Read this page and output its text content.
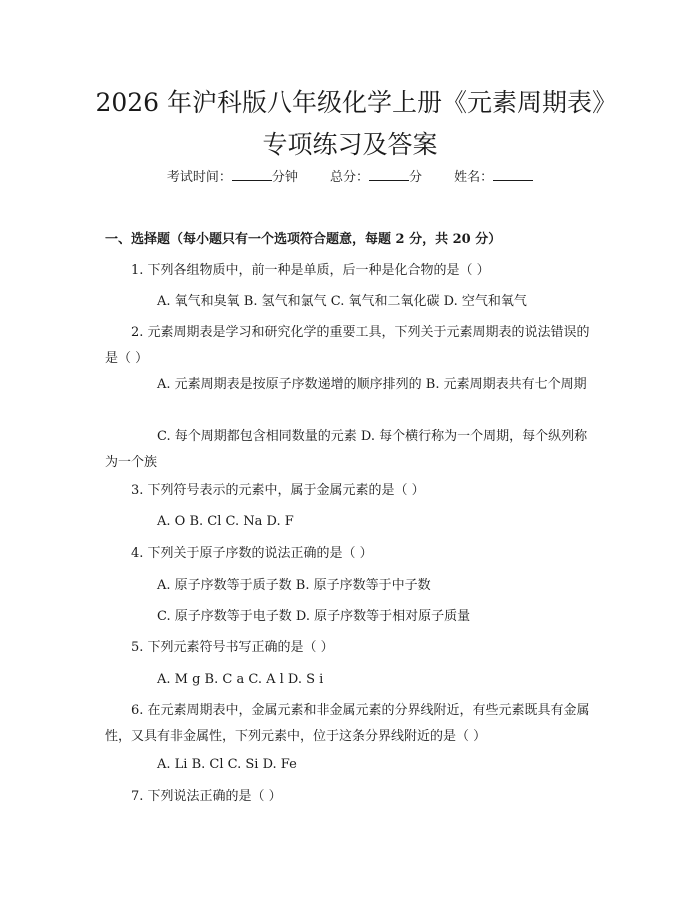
2026 年沪科版八年级化学上册《元素周期表》专项练习及答案
考试时间：	分钟 总分：	分 姓名：
一、选择题（每小题只有一个选项符合题意，每题 2 分，共 20 分）
1. 下列各组物质中，前一种是单质，后一种是化合物的是（ ）
A. 氧气和臭氧 B. 氢气和氯气 C. 氧气和二氧化碳 D. 空气和氧气
2. 元素周期表是学习和研究化学的重要工具，下列关于元素周期表的说法错误的是（ ）
A. 元素周期表是按原子序数递增的顺序排列的 B. 元素周期表共有七个周期
C. 每个周期都包含相同数量的元素 D. 每个横行称为一个周期，每个纵列称为一个族
3. 下列符号表示的元素中，属于金属元素的是（ ）
A. O B. Cl C. Na D. F
4. 下列关于原子序数的说法正确的是（ ）
A. 原子序数等于质子数 B. 原子序数等于中子数
C. 原子序数等于电子数 D. 原子序数等于相对原子质量
5. 下列元素符号书写正确的是（ ）
A. M g B. C a C. A l D. S i
6. 在元素周期表中，金属元素和非金属元素的分界线附近，有些元素既具有金属性，又具有非金属性，下列元素中，位于这条分界线附近的是（ ）
A. Li B. Cl C. Si D. Fe
7. 下列说法正确的是（ ）
